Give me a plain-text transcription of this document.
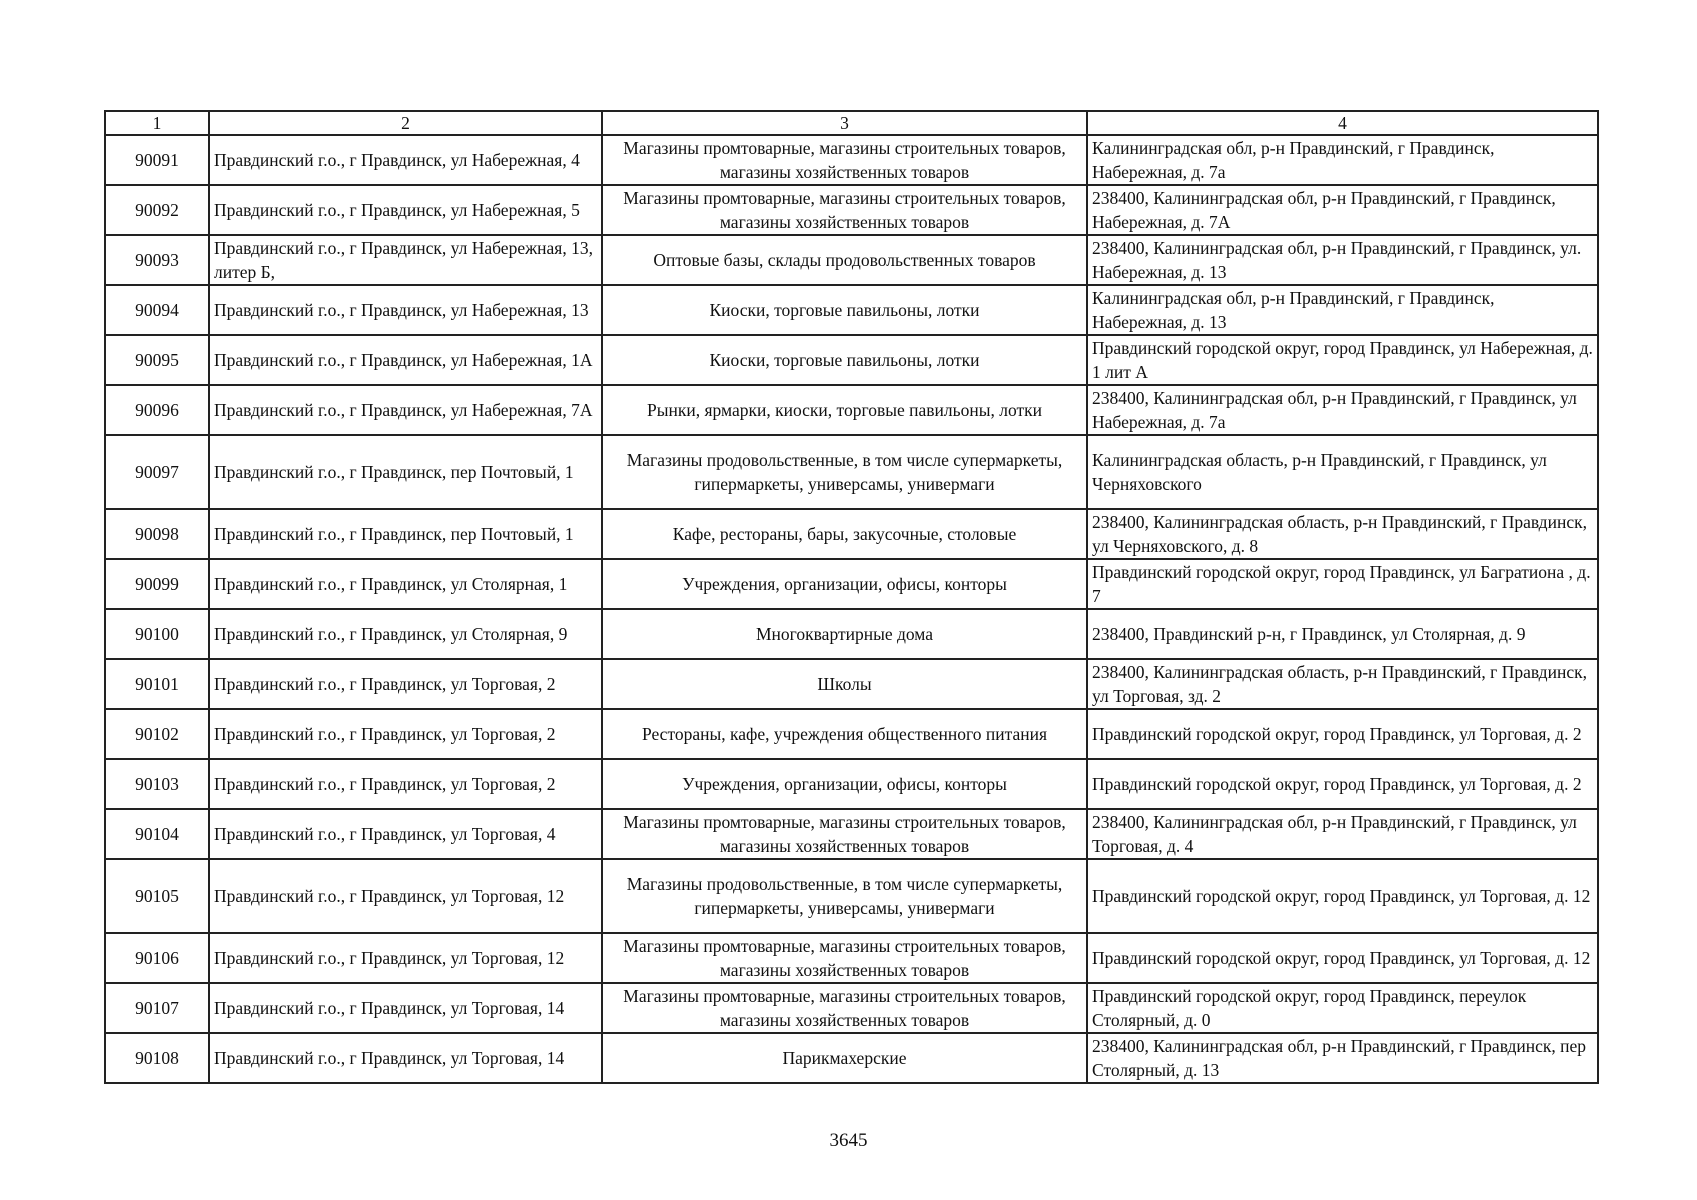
1	2	3	4
90091	Правдинский г.о., г Правдинск, ул Набережная, 4	Магазины промтоварные, магазины строительных товаров, магазины хозяйственных товаров	Калининградская обл, р-н Правдинский, г Правдинск, Набережная, д. 7а
90092	Правдинский г.о., г Правдинск, ул Набережная, 5	Магазины промтоварные, магазины строительных товаров, магазины хозяйственных товаров	238400, Калининградская обл, р-н Правдинский, г Правдинск, Набережная, д. 7А
90093	Правдинский г.о., г Правдинск, ул Набережная, 13, литер Б,	Оптовые базы, склады продовольственных товаров	238400, Калининградская обл, р-н Правдинский, г Правдинск, ул. Набережная, д. 13
90094	Правдинский г.о., г Правдинск, ул Набережная, 13	Киоски, торговые павильоны, лотки	Калининградская обл, р-н Правдинский, г Правдинск, Набережная, д. 13
90095	Правдинский г.о., г Правдинск, ул Набережная, 1А	Киоски, торговые павильоны, лотки	Правдинский городской округ, город Правдинск, ул Набережная, д. 1 лит А
90096	Правдинский г.о., г Правдинск, ул Набережная, 7А	Рынки, ярмарки, киоски, торговые павильоны, лотки	238400, Калининградская обл, р-н Правдинский, г Правдинск, ул Набережная, д. 7а
90097	Правдинский г.о., г Правдинск, пер Почтовый, 1	Магазины продовольственные, в том числе супермаркеты, гипермаркеты, универсамы, универмаги	Калининградская область, р-н Правдинский, г Правдинск, ул Черняховского
90098	Правдинский г.о., г Правдинск, пер Почтовый, 1	Кафе, рестораны, бары, закусочные, столовые	238400, Калининградская область, р-н Правдинский, г Правдинск, ул Черняховского, д. 8
90099	Правдинский г.о., г Правдинск, ул Столярная, 1	Учреждения, организации, офисы, конторы	Правдинский городской округ, город Правдинск, ул Багратиона , д. 7
90100	Правдинский г.о., г Правдинск, ул Столярная, 9	Многоквартирные дома	238400, Правдинский р-н, г Правдинск, ул Столярная, д. 9
90101	Правдинский г.о., г Правдинск, ул Торговая, 2	Школы	238400, Калининградская область, р-н Правдинский, г Правдинск, ул Торговая, зд. 2
90102	Правдинский г.о., г Правдинск, ул Торговая, 2	Рестораны, кафе, учреждения общественного питания	Правдинский городской округ, город Правдинск, ул Торговая, д. 2
90103	Правдинский г.о., г Правдинск, ул Торговая, 2	Учреждения, организации, офисы, конторы	Правдинский городской округ, город Правдинск, ул Торговая, д. 2
90104	Правдинский г.о., г Правдинск, ул Торговая, 4	Магазины промтоварные, магазины строительных товаров, магазины хозяйственных товаров	238400, Калининградская обл, р-н Правдинский, г Правдинск, ул Торговая, д. 4
90105	Правдинский г.о., г Правдинск, ул Торговая, 12	Магазины продовольственные, в том числе супермаркеты, гипермаркеты, универсамы, универмаги	Правдинский городской округ, город Правдинск, ул Торговая, д. 12
90106	Правдинский г.о., г Правдинск, ул Торговая, 12	Магазины промтоварные, магазины строительных товаров, магазины хозяйственных товаров	Правдинский городской округ, город Правдинск, ул Торговая, д. 12
90107	Правдинский г.о., г Правдинск, ул Торговая, 14	Магазины промтоварные, магазины строительных товаров, магазины хозяйственных товаров	Правдинский городской округ, город Правдинск, переулок Столярный, д. 0
90108	Правдинский г.о., г Правдинск, ул Торговая, 14	Парикмахерские	238400, Калининградская обл, р-н Правдинский, г Правдинск, пер Столярный, д. 13
3645
